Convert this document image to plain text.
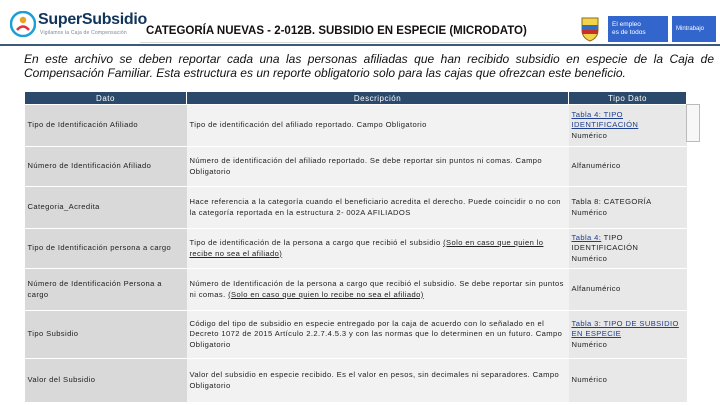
SuperSubsidio
Vigilamos la Caja de Compensación CATEGORÍA NUEVAS - 2-012B. SUBSIDIO EN ESPECIE (MICRODATO)
El empleo
es de todos	Mintrabajo

En este archivo se deben reportar cada una las personas afiliadas que han recibido subsidio en especie de la Caja de Compensación Familiar. Esta estructura es un reporte obligatorio solo para las cajas que ofrezcan este beneficio.

Dato	Descripción	Tipo Dato
Tipo de Identificación Afiliado	Tipo de identificación del afiliado reportado. Campo Obligatorio	Tabla 4: TIPO IDENTIFICACIÓN
Numérico
Número de Identificación Afiliado	Número de identificación del afiliado reportado. Se debe reportar sin puntos ni comas. Campo Obligatorio	Alfanumérico
Categoria_Acredita	Hace referencia a la categoría cuando el beneficiario acredita el derecho. Puede coincidir o no con la categoría reportada en la estructura 2- 002A AFILIADOS	Tabla 8: CATEGORÍA
Numérico
Tipo de Identificación persona a cargo	Tipo de identificación de la persona a cargo que recibió el subsidio (Solo en caso que quien lo recibe no sea el afiliado)	Tabla 4: TIPO IDENTIFICACIÓN
Numérico
Número de Identificación Persona a cargo	Número de Identificación de la persona a cargo que recibió el subsidio. Se debe reportar sin puntos ni comas. (Solo en caso que quien lo recibe no sea el afiliado)	Alfanumérico
Tipo Subsidio	Código del tipo de subsidio en especie entregado por la caja de acuerdo con lo señalado en el Decreto 1072 de 2015 Artículo 2.2.7.4.5.3 y con las normas que lo determinen en un futuro. Campo Obligatorio	Tabla 3: TIPO DE SUBSIDIO EN ESPECIE
Numérico
Valor del Subsidio	Valor del subsidio en especie recibido. Es el valor en pesos, sin decimales ni separadores. Campo Obligatorio	Numérico
